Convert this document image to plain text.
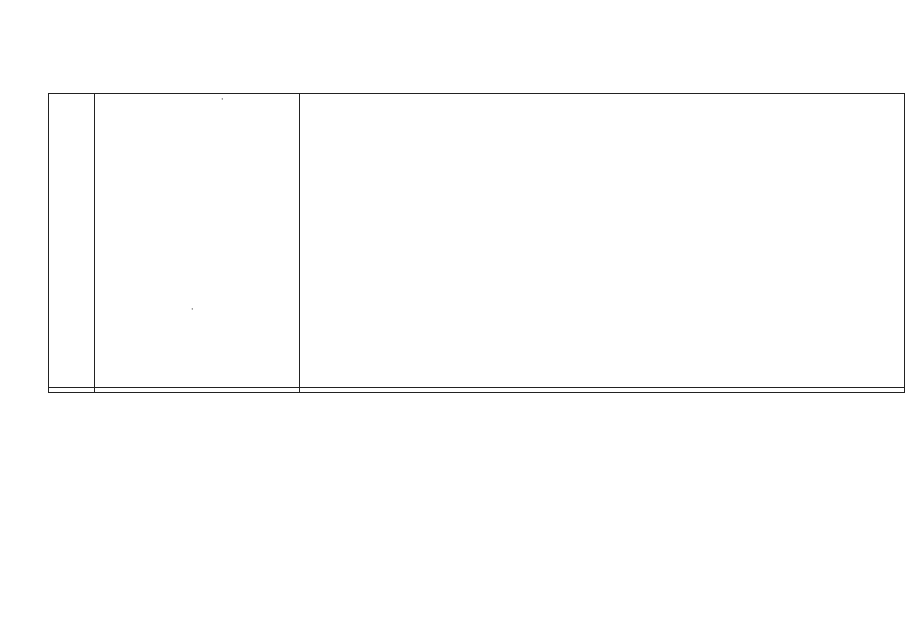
·
·
